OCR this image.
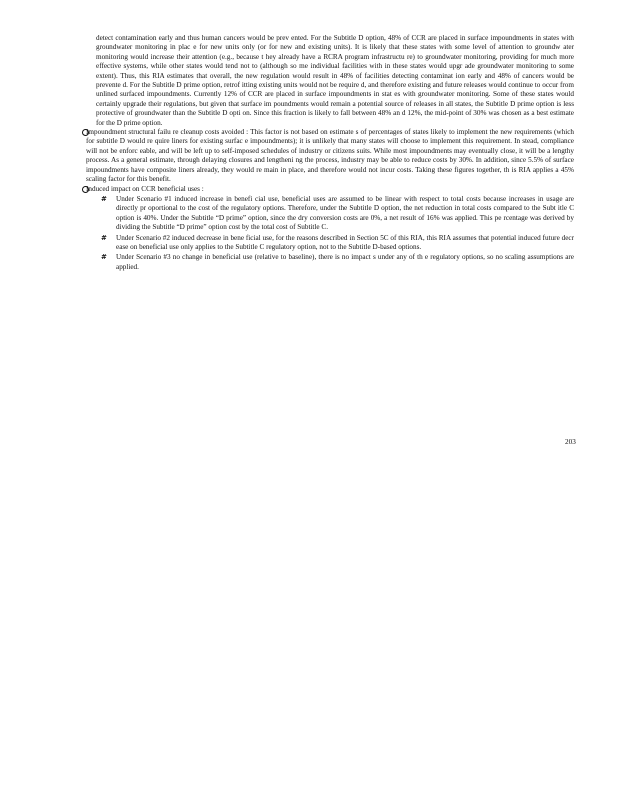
detect contamination early and thus human cancers would be prev ented. For the Subtitle D option, 48% of CCR are placed in surface impoundments in states with groundwater monitoring in plac e for new units only (or for new and existing units). It is likely that these states with some level of attention to groundw ater monitoring would increase their attention (e.g., because t hey already have a RCRA program infrastructu re) to groundwater monitoring, providing for much more effective systems, while other states would tend not to (although so me individual facilities with in these states would upgr ade groundwater monitoring to some extent). Thus, this RIA estimates that overall, the new regulation would result in 48% of facilities detecting contaminat ion early and 48% of cancers would be prevente d. For the Subtitle D prime option, retrof itting existing units would not be require d, and therefore existing and future releases would continue to occur from unlined surfaced impoundments. Currently 12% of CCR are placed in surface impoundments in stat es with groundwater monitoring. Some of these states would certainly upgrade their regulations, but given that surface im poundments would remain a potential source of releases in all states, the Subtitle D prime option is less protective of groundwater than the Subtitle D opti on. Since this fraction is likely to fall between 48% an d 12%, the mid-point of 30% was chosen as a best estimate for the D prime option.

Impoundment structural failu re cleanup costs avoided : This factor is not based on estimate s of percentages of states likely to implement the new requirements (which for subtitle D would re quire liners for existing surfac e impoundments); it is unlikely that many states will choose to implement this requirement. In stead, compliance will not be enforc eable, and will be left up to self-imposed schedules of industry or citizens suits. While most impoundments may eventually close, it will be a lengthy process. As a general estimate, through delaying closures and lengtheni ng the process, industry may be able to reduce costs by 30%. In addition, since 5.5% of surface impoundments have composite liners already, they would re main in place, and therefore would not incur costs. Taking these figures together, th is RIA applies a 45% scaling factor for this benefit.

Induced impact on CCR beneficial uses :

# Under Scenario #1 induced increase in benefi cial use, beneficial uses are assumed to be linear with respect to total costs because increases in usage are directly pr oportional to the cost of the regulatory options. Therefore, under the Subtitle D option, the net reduction in total costs compared to the Subt itle C option is 40%. Under the Subtitle “D prime” option, since the dry conversion costs are 0%, a net result of 16% was applied. This pe rcentage was derived by dividing the Subtitle “D prime” option cost by the total cost of Subtitle C.

# Under Scenario #2 induced decrease in bene ficial use, for the reasons described in Section 5C of this RIA, this RIA assumes that potential induced future decr ease on beneficial use only applies to the Subtitle C regulatory option, not to the Subtitle D-based options.

# Under Scenario #3 no change in beneficial use (relative to baseline), there is no impact s under any of th e regulatory options, so no scaling assumptions are applied.

203
